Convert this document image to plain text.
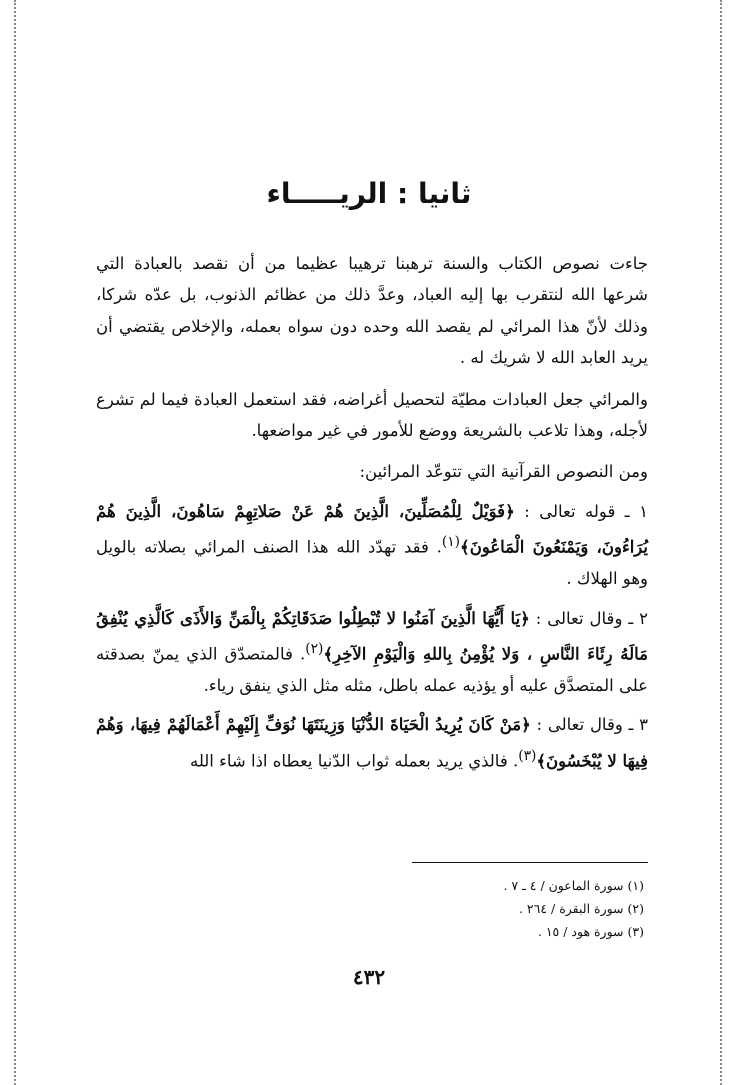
ثانيا : الريـــــاء

جاءت نصوص الكتاب والسنة ترهبنا ترهيبا عظيما من أن نقصد بالعبادة التي شرعها الله لنتقرب بها إليه العباد، وعدَّ ذلك من عظائم الذنوب، بل عدّه شركا، وذلك لأنّ هذا المرائي لم يقصد الله وحده دون سواه بعمله، والإخلاص يقتضي أن يريد العابد الله لا شريك له .

والمرائي جعل العبادات مطيّة لتحصيل أغراضه، فقد استعمل العبادة فيما لم تشرع لأجله، وهذا تلاعب بالشريعة ووضع للأمور في غير مواضعها.

ومن النصوص القرآنية التي تتوعّد المرائين:

١ ـ قوله تعالى : ﴿فَوَيْلٌ لِلْمُصَلِّينَ، الَّذِينَ هُمْ عَنْ صَلاتِهِمْ سَاهُونَ، الَّذِينَ هُمْ يُرَاءُونَ، وَيَمْنَعُونَ الْمَاعُونَ﴾$^{(١)}$. فقد تهدّد الله هذا الصنف المرائي بصلاته بالويل وهو الهلاك .

٢ ـ وقال تعالى : ﴿يَا أَيُّهَا الَّذِينَ آمَنُوا لا تُبْطِلُوا صَدَقَاتِكُمْ بِالْمَنِّ وَالأَذَى كَالَّذِي يُنْفِقُ مَالَهُ رِئَاءَ النَّاسِ ، وَلا يُؤْمِنُ بِاللهِ وَالْيَوْمِ الآخِرِ﴾$^{(٢)}$. فالمتصدّق الذي يمنّ بصدقته على المتصدَّق عليه أو يؤذيه عمله باطل، مثله مثل الذي ينفق رياء.

٣ ـ وقال تعالى : ﴿مَنْ كَانَ يُرِيدُ الْحَيَاةَ الدُّنْيَا وَزِينَتَهَا نُوَفِّ إِلَيْهِمْ أَعْمَالَهُمْ فِيهَا، وَهُمْ فِيهَا لا يُبْخَسُونَ﴾$^{(٣)}$. فالذي يريد بعمله ثواب الدّنيا يعطاه اذا شاء الله

(١) سورة الماعون / ٤ ـ ٧ .
(٢) سورة البقرة / ٢٦٤ .
(٣) سورة هود / ١٥ .
٤٣٢
